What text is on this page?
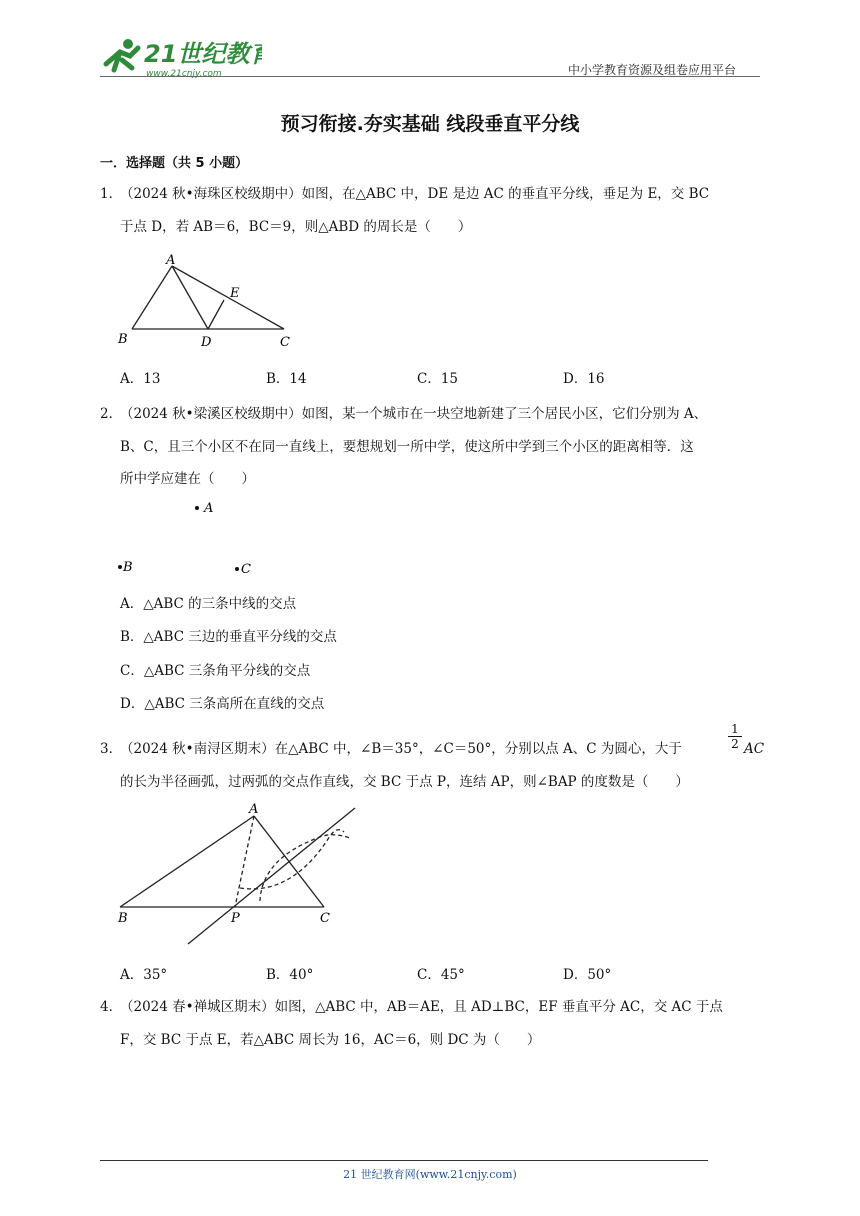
21世纪教育
www.21cnjy.com	中小学教育资源及组卷应用平台
预习衔接.夯实基础 线段垂直平分线
一．选择题（共 5 小题）
1．
（2024 秋•海珠区校级期中）如图，在△ABC 中，DE 是边 AC 的垂直平分线，垂足为 E，交 BC
于点 D，若 AB＝6，BC＝9，则△ABD 的周长是（　　）
A
E
B	D	C
A．13	B．14	C．15	D．16
2．
（2024 秋•梁溪区校级期中）如图，某一个城市在一块空地新建了三个居民小区，它们分别为 A、
B、C，且三个小区不在同一直线上，要想规划一所中学，使这所中学到三个小区的距离相等．这
所中学应建在（　　）
A
B	C
A．△ABC 的三条中线的交点
B．△ABC 三边的垂直平分线的交点
C．△ABC 三条角平分线的交点
D．△ABC 三条高所在直线的交点
3．
（2024 秋•南浔区期末）在△ABC 中，∠B＝35°，∠C＝50°，分别以点 A、C 为圆心，大于	$\frac{1}{2}$ AC
的长为半径画弧，过两弧的交点作直线，交 BC 于点 P，连结 AP，则∠BAP 的度数是（　　）
A
B	P	C
A．35°	B．40°	C．45°	D．50°
4．
（2024 春•禅城区期末）如图，△ABC 中，AB＝AE，且 AD⊥BC，EF 垂直平分 AC，交 AC 于点
F，交 BC 于点 E，若△ABC 周长为 16，AC＝6，则 DC 为（　　）
21 世纪教育网(www.21cnjy.com)
